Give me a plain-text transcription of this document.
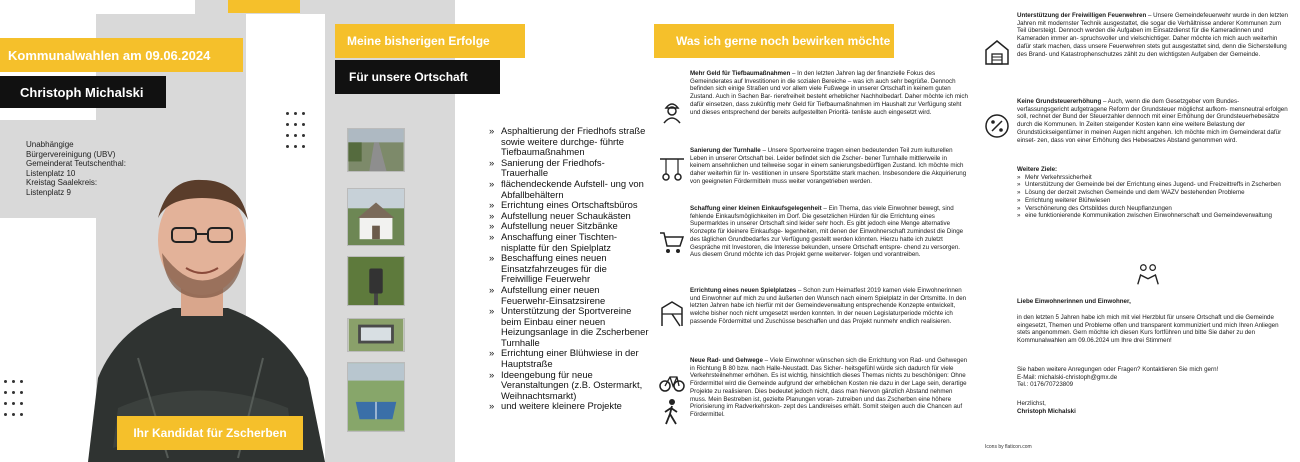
Kommunalwahlen am 09.06.2024
Christoph Michalski
Unabhängige
Bürgervereinigung (UBV)
Gemeinderat Teutschenthal:
Listenplatz 10
Kreistag Saalekreis:
Listenplatz 9
Ihr Kandidat für Zscherben
Meine bisherigen Erfolge
Für unsere Ortschaft
» Asphaltierung der Friedhofs straße sowie weitere durchge- führte Tiefbaumaßnahmen
» Sanierung der Friedhofs-Trauerhalle
» flächendeckende Aufstell- ung von Abfallbehältern
» Errichtung eines Ortschaftsbüros
» Aufstellung neuer Schaukästen
» Aufstellung neuer Sitzbänke
» Anschaffung einer Tischten- nisplatte für den Spielplatz
» Beschaffung eines neuen Einsatzfahrzeuges für die Freiwillige Feuerwehr
» Aufstellung einer neuen Feuerwehr-Einsatzsirene
» Unterstützung der Sportvereine beim Einbau einer neuen Heizungsanlage in die Zscherbener Turnhalle
» Errichtung einer Blühwiese in der Hauptstraße
» Ideengebung für neue Veranstaltungen (z.B. Ostermarkt, Weihnachtsmarkt)
» und weitere kleinere Projekte
Was ich gerne noch bewirken möchte
Mehr Geld für Tiefbaumaßnahmen – In den letzten Jahren lag der finanzielle Fokus des Gemeinderates auf Investitionen in die sozialen Bereiche – was ich auch sehr begrüße. Dennoch befinden sich einige Straßen und vor allem viele Fußwege in unserer Ortschaft in keinem guten Zustand. Auch in Sachen Bar- rierefreiheit besteht erheblicher Nachholbedarf. Daher möchte ich mich dafür einsetzen, dass zukünftig mehr Geld für Tiefbaumaßnahmen im Haushalt zur Verfügung steht und dieses entsprechend der bereits aufgestellten Prioritä- tenliste auch eingesetzt wird.
Sanierung der Turnhalle – Unsere Sportvereine tragen einen bedeutenden Teil zum kulturellen Leben in unserer Ortschaft bei. Leider befindet sich die Zscher- bener Turnhalle mittlerweile in keinem ansehnlichen und teilweise sogar in einem sanierungsbedürftigen Zustand. Ich möchte mich daher weiterhin für In- vestitionen in unsere Sportstätte stark machen. Insbesondere die Akquirierung von geeigneten Fördermitteln muss weiter vorangetrieben werden.
Schaffung einer kleinen Einkaufsgelegenheit – Ein Thema, das viele Einwohner bewegt, sind fehlende Einkaufsmöglichkeiten im Dorf. Die gesetzlichen Hürden für die Errichtung eines Supermarktes in unserer Ortschaft sind leider sehr hoch. Es gibt jedoch eine Menge alternative Konzepte für kleinere Einkaufsge- legenheiten, mit denen der Einwohnerschaft zumindest die Dinge des täglichen Grundbedarfes zur Verfügung gestellt werden könnten. Hierzu hatte ich zuletzt Gespräche mit Investoren, die Interesse bekunden, unsere Ortschaft entspre- chend zu versorgen. Aus diesem Grund möchte ich das Projekt gerne weiterver- folgen und vorantreiben.
Errichtung eines neuen Spielplatzes – Schon zum Heimatfest 2019 kamen viele Einwohnerinnen und Einwohner auf mich zu und äußerten den Wunsch nach einem Spielplatz in der Ortsmitte. In den letzten Jahren habe ich hierfür mit der Gemeindeverwaltung entsprechende Konzepte entwickelt, welche bisher noch nicht umgesetzt werden konnten. In der neuen Legislaturperiode möchte ich passende Fördermittel und Zuschüsse beschaffen und das Projekt nunmehr endlich realisieren.
Neue Rad- und Gehwege – Viele Einwohner wünschen sich die Errichtung von Rad- und Gehwegen in Richtung B 80 bzw. nach Halle-Neustadt. Das Sicher- heitsgefühl würde sich dadurch für viele Verkehrsteilnehmer erhöhen. Es ist wichtig, hinsichtlich dieses Themas nichts zu beschönigen: Ohne Fördermittel wird die Gemeinde aufgrund der erheblichen Kosten nie dazu in der Lage sein, derartige Projekte zu realisieren. Dies bedeutet jedoch nicht, dass man hiervon gänzlich Abstand nehmen muss. Mein Bestreben ist, gezielte Planungen voran- zutreiben und das Zscherben eine höhere Priorisierung im Radverkehrskon- zept des Landkreises erhält. Somit steigen auch die Chancen auf Fördermittel.
Unterstützung der Freiwilligen Feuerwehren – Unsere Gemeindefeuerwehr wurde in den letzten Jahren mit modernster Technik ausgestattet, die sogar die Verhältnisse anderer Kommunen zum Teil übersteigt. Dennoch werden die Aufgaben im Einsatzdienst für die Kameradinnen und Kameraden immer an- spruchsvoller und vielschichtiger. Daher möchte ich mich auch weiterhin dafür stark machen, dass unsere Feuerwehren stets gut ausgestattet sind, denn die Sicherstellung des Brand- und Katastrophenschutzes zählt zu den wichtigsten Aufgaben der Gemeinde.
Keine Grundsteuererhöhung – Auch, wenn die dem Gesetzgeber vom Bundes- verfassungsgericht aufgetragene Reform der Grundsteuer möglichst aufkom- mensneutral erfolgen soll, rechnet der Bund der Steuerzahler dennoch mit einer Erhöhung der Grundsteuerhebesätze durch die Kommunen. In Zeiten steigender Kosten kann eine weitere Belastung der Grundstückseigentümer in meinen Augen nicht angehen. Ich möchte mich im Gemeinderat dafür einset- zen, dass von einer Erhöhung des Hebesatzes Abstand genommen wird.
Weitere Ziele:
» Mehr Verkehrssicherheit
» Unterstützung der Gemeinde bei der Errichtung eines Jugend- und Freizeittreffs in Zscherben
» Lösung der derzeit zwischen Gemeinde und dem WAZV bestehenden Probleme
» Errichtung weiterer Blühwiesen
» Verschönerung des Ortsbildes durch Neupflanzungen
» eine funktionierende Kommunikation zwischen Einwohnerschaft und Gemeindeverwaltung
Liebe Einwohnerinnen und Einwohner,
in den letzten 5 Jahren habe ich mich mit viel Herzblut für unsere Ortschaft und die Gemeinde eingesetzt, Themen und Probleme offen und transparent kommuniziert und mich Ihren Anliegen stets angenommen. Gern möchte ich diesen Kurs fortführen und bitte Sie daher zu den Kommunalwahlen am 09.06.2024 um Ihre drei Stimmen!
Sie haben weitere Anregungen oder Fragen? Kontaktieren Sie mich gern!
E-Mail: michalski-christoph@gmx.de
Tel.: 0176/70723809
Herzlichst,
Christoph Michalski
Icons by flaticon.com
